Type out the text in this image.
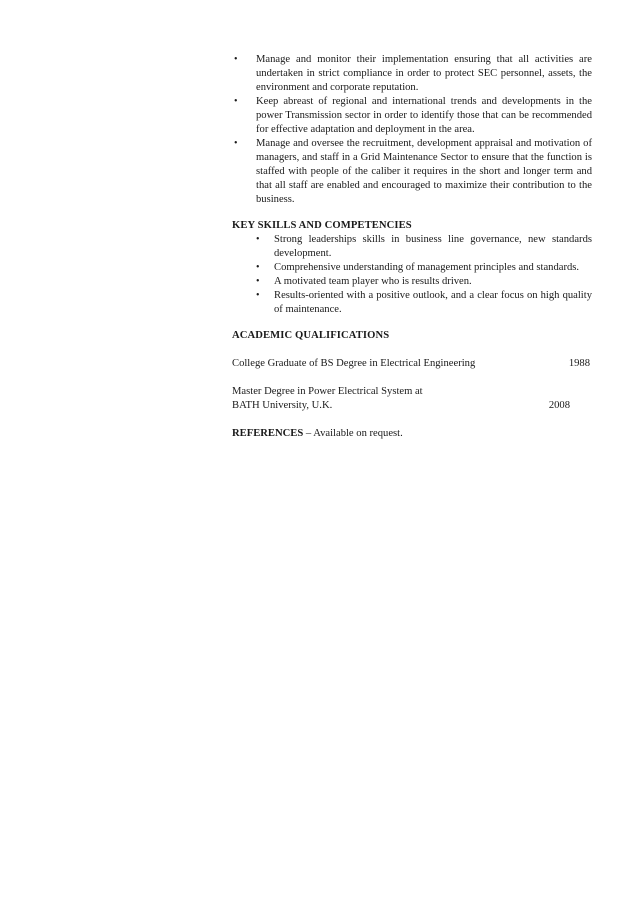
• Manage and monitor their implementation ensuring that all activities are undertaken in strict compliance in order to protect SEC personnel, assets, the environment and corporate reputation.
• Keep abreast of regional and international trends and developments in the power Transmission sector in order to identify those that can be recommended for effective adaptation and deployment in the area.
• Manage and oversee the recruitment, development appraisal and motivation of managers, and staff in a Grid Maintenance Sector to ensure that the function is staffed with people of the caliber it requires in the short and longer term and that all staff are enabled and encouraged to maximize their contribution to the business.
KEY SKILLS AND COMPETENCIES
• Strong leaderships skills in business line governance, new standards development.
• Comprehensive understanding of management principles and standards.
• A motivated team player who is results driven.
• Results-oriented with a positive outlook, and a clear focus on high quality of maintenance.
ACADEMIC QUALIFICATIONS
College Graduate of BS Degree in Electrical Engineering	1988
Master Degree in Power Electrical System at
BATH University, U.K.	2008
REFERENCES – Available on request.
